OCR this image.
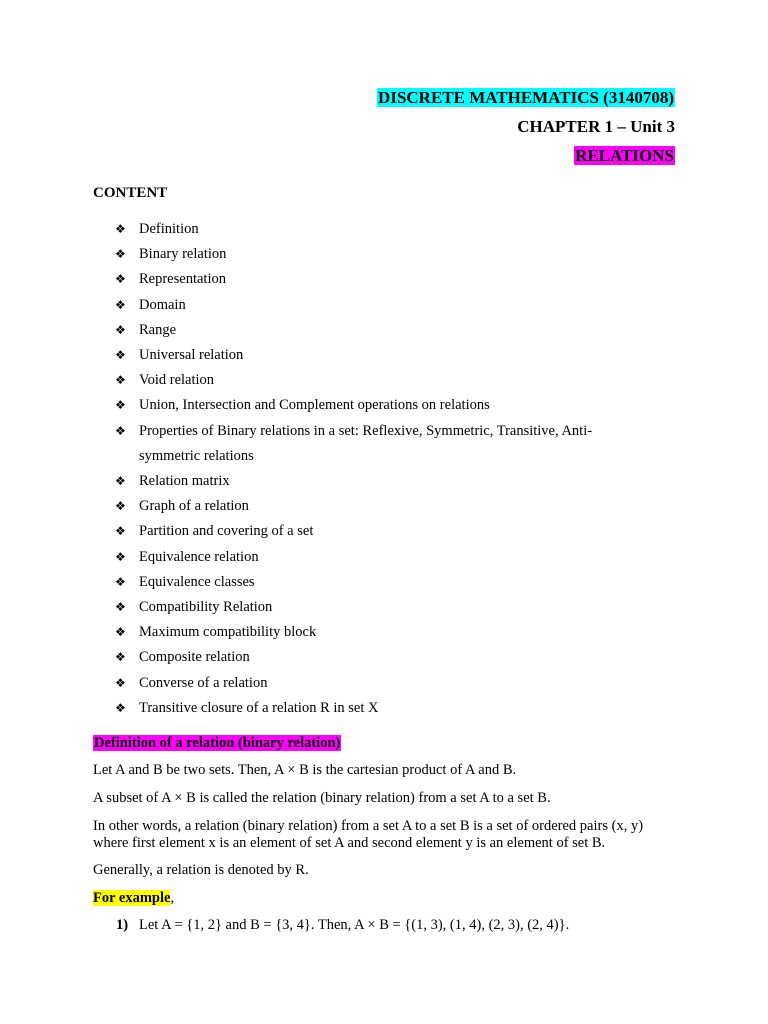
DISCRETE MATHEMATICS (3140708)
CHAPTER 1 – Unit 3
RELATIONS
CONTENT
❖ Definition
❖ Binary relation
❖ Representation
❖ Domain
❖ Range
❖ Universal relation
❖ Void relation
❖ Union, Intersection and Complement operations on relations
❖ Properties of Binary relations in a set: Reflexive, Symmetric, Transitive, Anti-
symmetric relations
❖ Relation matrix
❖ Graph of a relation
❖ Partition and covering of a set
❖ Equivalence relation
❖ Equivalence classes
❖ Compatibility Relation
❖ Maximum compatibility block
❖ Composite relation
❖ Converse of a relation
❖ Transitive closure of a relation R in set X
Definition of a relation (binary relation)
Let A and B be two sets. Then, A × B is the cartesian product of A and B.
A subset of A × B is called the relation (binary relation) from a set A to a set B.
In other words, a relation (binary relation) from a set A to a set B is a set of ordered pairs (x, y)
where first element x is an element of set A and second element y is an element of set B.
Generally, a relation is denoted by R.
For example,
1) Let A = {1, 2} and B = {3, 4}. Then, A × B = {(1, 3), (1, 4), (2, 3), (2, 4)}.
